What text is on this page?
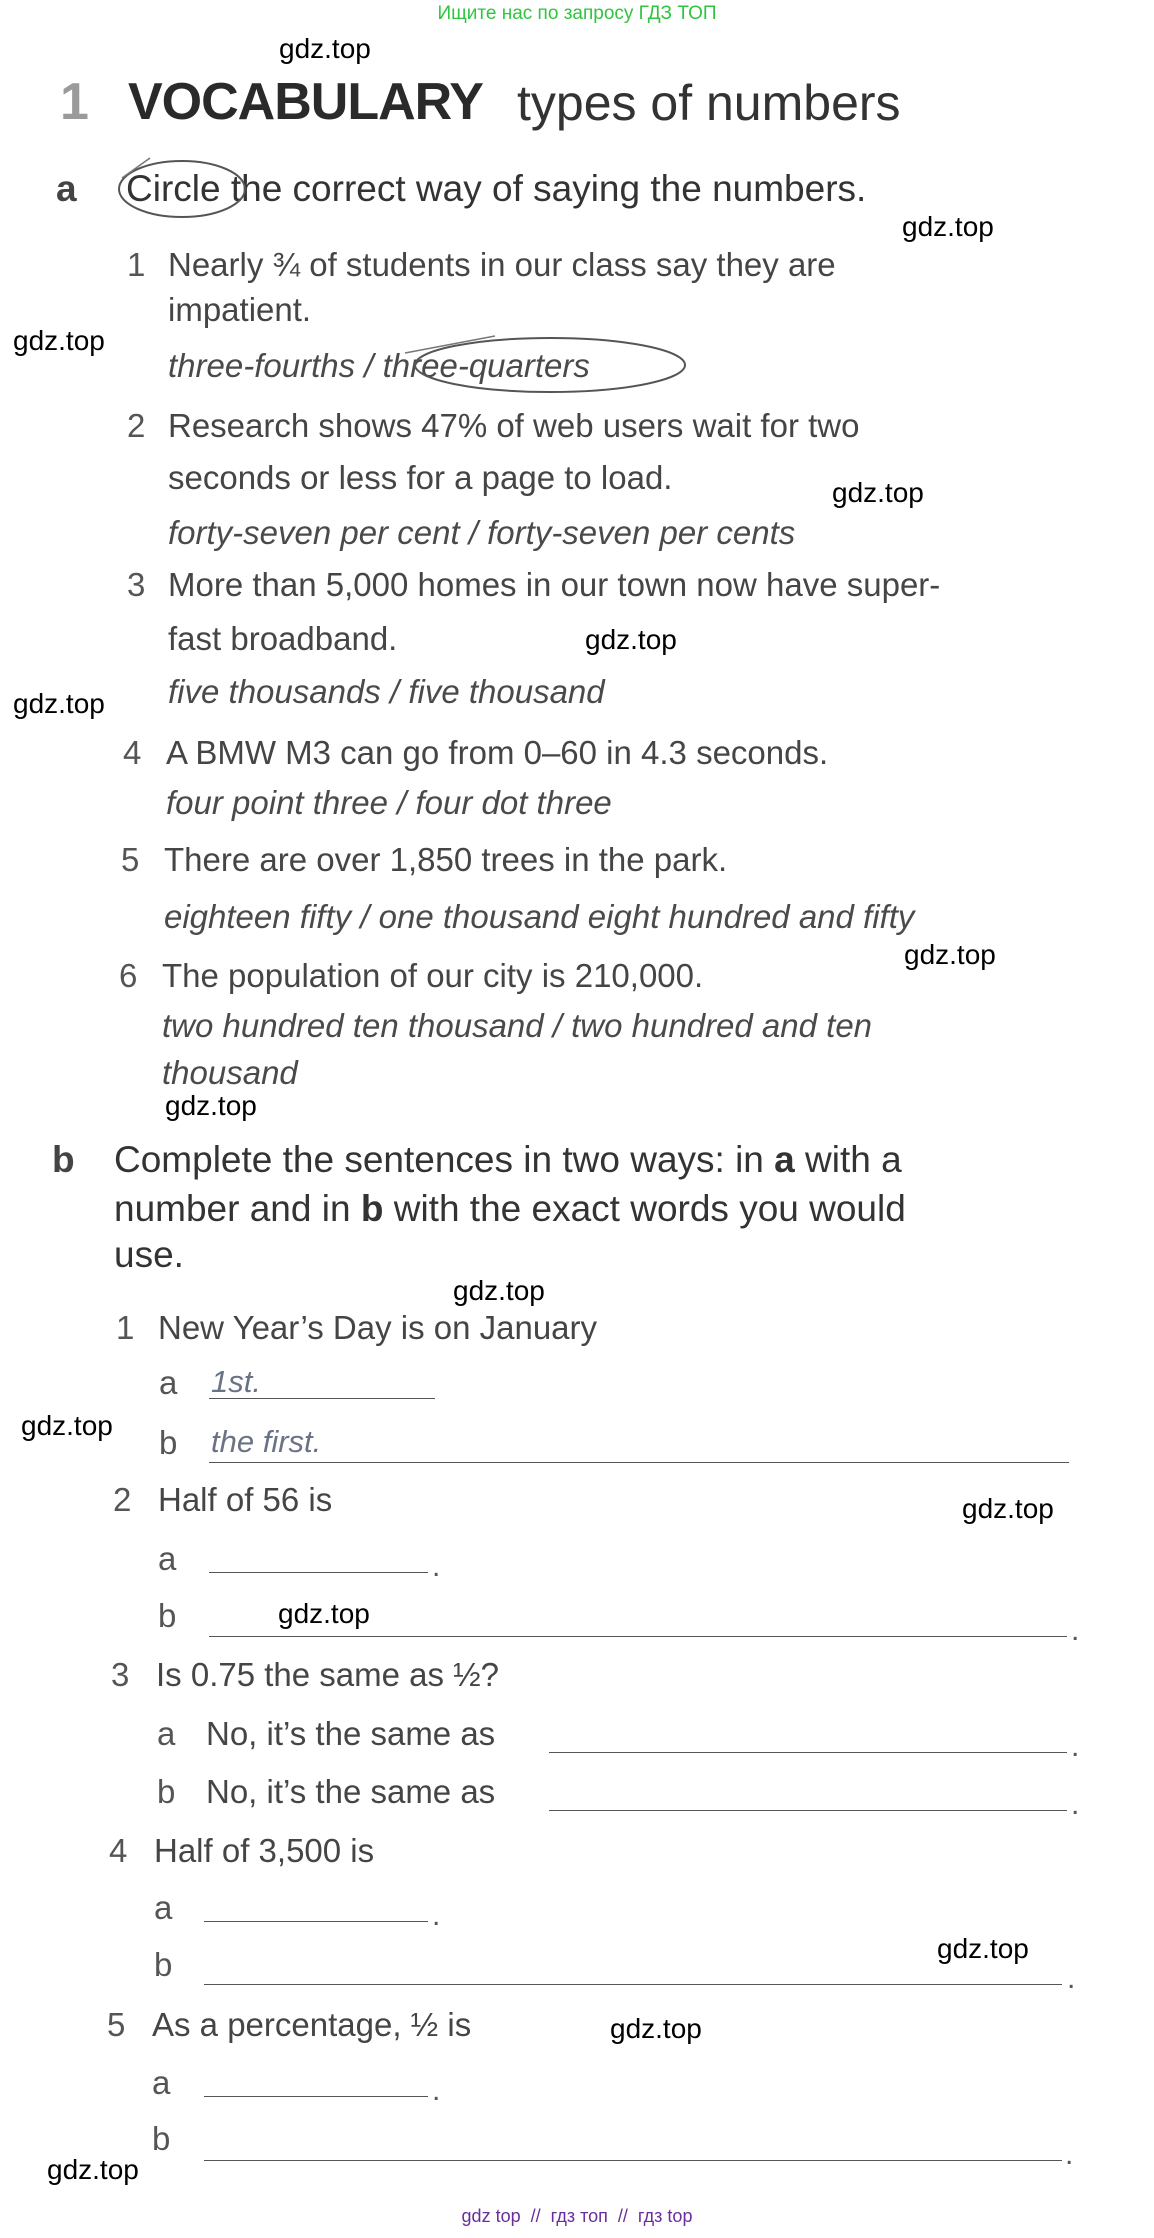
Ищите нас по запросу ГДЗ ТОП
gdz.top
gdz.top
gdz.top
gdz.top
gdz.top
gdz.top
gdz.top
gdz.top
gdz.top
gdz.top
gdz.top
gdz.top
gdz.top
gdz.top
gdz.top
1 VOCABULARY types of numbers
a Circle the correct way of saying the numbers.
1 Nearly ¾ of students in our class say they are
impatient.
three-fourths / three-quarters
2 Research shows 47% of web users wait for two
seconds or less for a page to load.
forty-seven per cent / forty-seven per cents
3 More than 5,000 homes in our town now have super-
fast broadband.
five thousands / five thousand
4 A BMW M3 can go from 0–60 in 4.3 seconds.
four point three / four dot three
5 There are over 1,850 trees in the park.
eighteen fifty / one thousand eight hundred and fifty
6 The population of our city is 210,000.
two hundred ten thousand / two hundred and ten
thousand
b Complete the sentences in two ways: in a with a
number and in b with the exact words you would
use.
1 New Year’s Day is on January
a 1st.
b the first.
2 Half of 56 is
a	.
b	.
3 Is 0.75 the same as ½?
a No, it’s the same as	.
b No, it’s the same as	.
4 Half of 3,500 is
a	.
b	.
5 As a percentage, ½ is
a	.
b	.
gdz top  //  гдз топ  //  гдз top
